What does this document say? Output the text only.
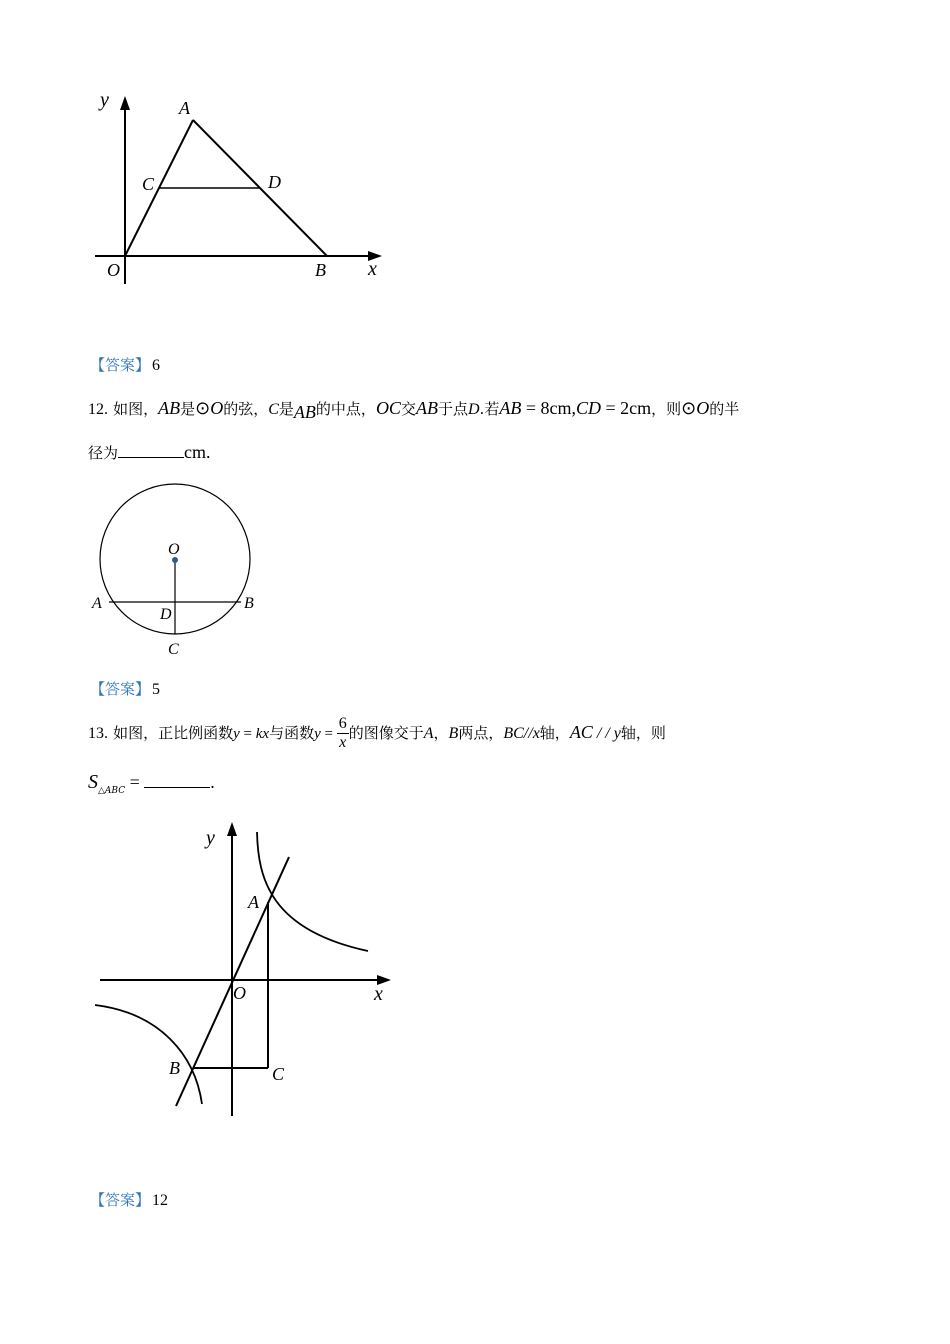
y	A
C	D
O	B x
【答案】 6
12. 如图，AB是⊙O的弦，C是AB的中点，OC交AB于点D.若AB = 8cm,CD = 2cm，则⊙O的半
径为	cm.
O
A
D
B
C
【答案】 5
13. 如图，正比例函数y = kx与函数$y = \frac{6}{x}$ 的图像交于A，B两点，BC//x轴，AC / / y轴，则
$S_{\triangle ABC}$ =	.
y
A
O	x
B	C
【答案】 12
